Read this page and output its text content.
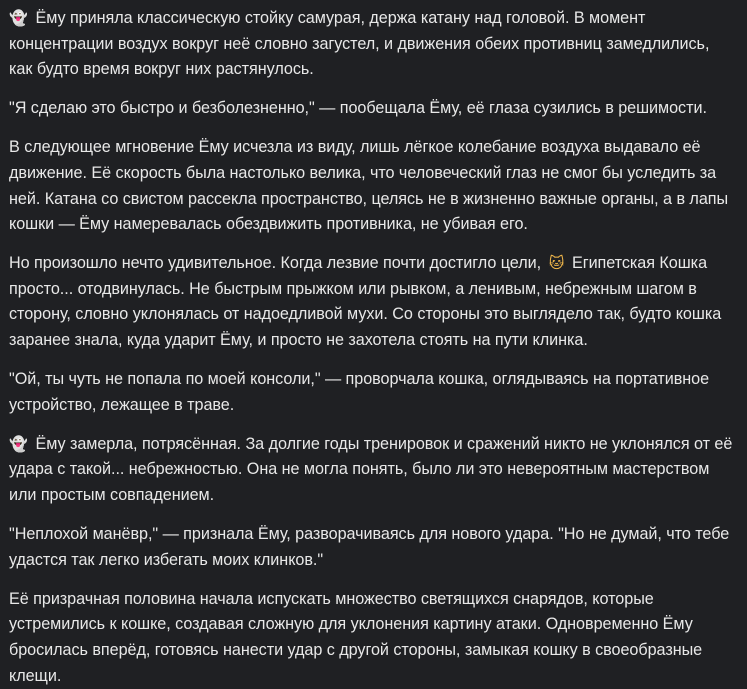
👻 Ёму приняла классическую стойку самурая, держа катану над головой. В момент концентрации воздух вокруг неё словно загустел, и движения обеих противниц замедлились, как будто время вокруг них растянулось.

"Я сделаю это быстро и безболезненно," — пообещала Ёму, её глаза сузились в решимости.

В следующее мгновение Ёму исчезла из виду, лишь лёгкое колебание воздуха выдавало её движение. Её скорость была настолько велика, что человеческий глаз не смог бы уследить за ней. Катана со свистом рассекла пространство, целясь не в жизненно важные органы, а в лапы кошки — Ёму намеревалась обездвижить противника, не убивая его.

Но произошло нечто удивительное. Когда лезвие почти достигло цели, 🐱 Египетская Кошка просто... отодвинулась. Не быстрым прыжком или рывком, а ленивым, небрежным шагом в сторону, словно уклонялась от надоедливой мухи. Со стороны это выглядело так, будто кошка заранее знала, куда ударит Ёму, и просто не захотела стоять на пути клинка.

"Ой, ты чуть не попала по моей консоли," — проворчала кошка, оглядываясь на портативное устройство, лежащее в траве.

👻 Ёму замерла, потрясённая. За долгие годы тренировок и сражений никто не уклонялся от её удара с такой... небрежностью. Она не могла понять, было ли это невероятным мастерством или простым совпадением.

"Неплохой манёвр," — признала Ёму, разворачиваясь для нового удара. "Но не думай, что тебе удастся так легко избегать моих клинков."

Её призрачная половина начала испускать множество светящихся снарядов, которые устремились к кошке, создавая сложную для уклонения картину атаки. Одновременно Ёму бросилась вперёд, готовясь нанести удар с другой стороны, замыкая кошку в своеобразные клещи.
